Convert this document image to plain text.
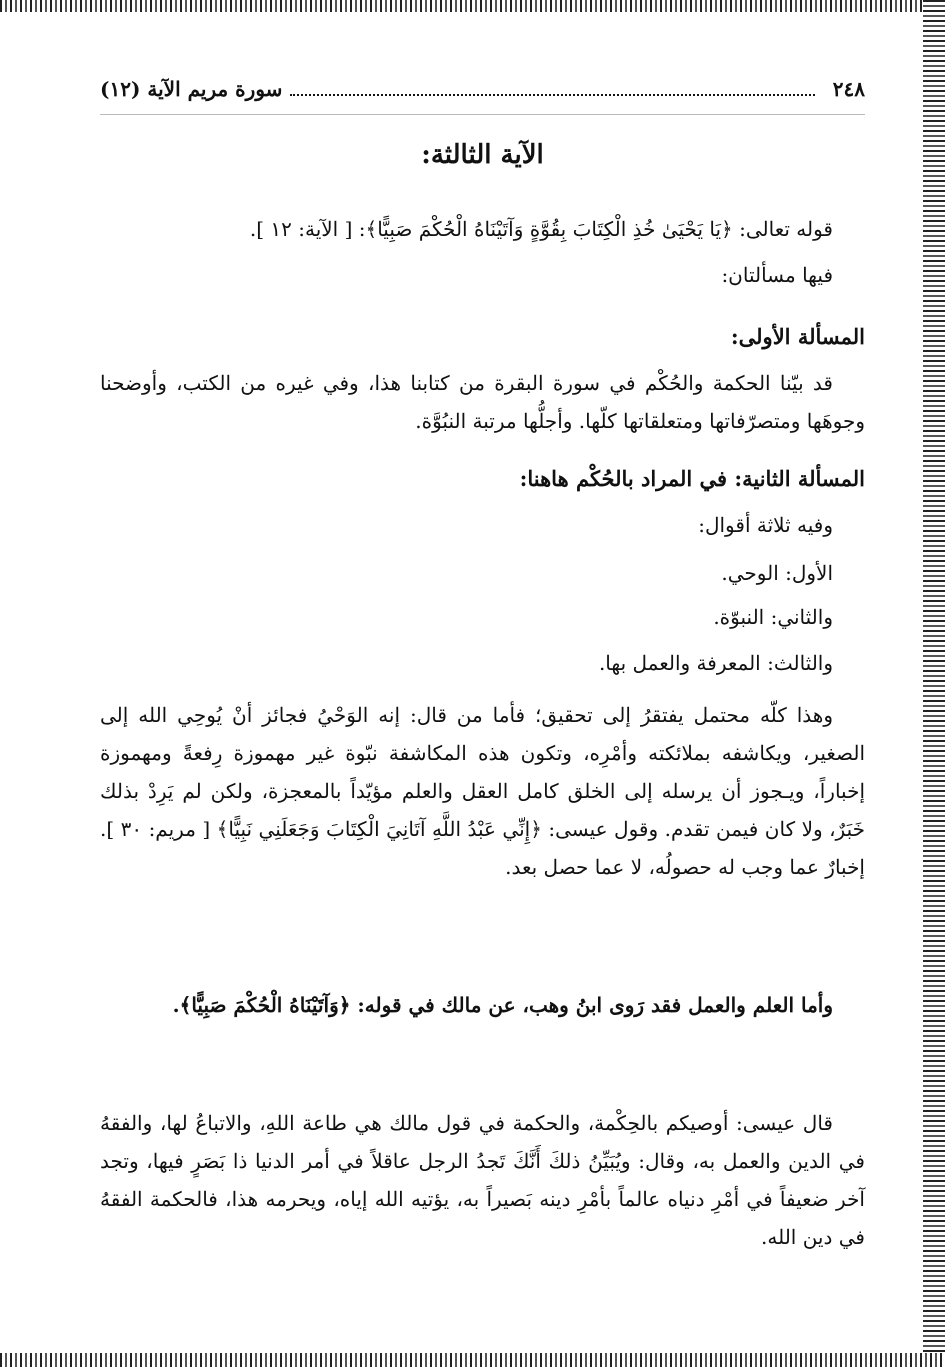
٢٤٨
سورة مريم الآية (١٢)
الآية الثالثة:

قوله تعالى: ﴿يَا يَحْيَىٰ خُذِ الْكِتَابَ بِقُوَّةٍ وَآتَيْنَاهُ الْحُكْمَ صَبِيًّا﴾: [ الآية: ١٢ ].

فيها مسألتان:

المسألة الأولى:

قد بيّنا الحكمة والحُكْم في سورة البقرة من كتابنا هذا، وفي غيره من الكتب، وأوضحنا وجوهَها ومتصرّفاتها ومتعلقاتها كلّها. وأجلُّها مرتبة النبُوَّة.

المسألة الثانية: في المراد بالحُكْم هاهنا:

وفيه ثلاثة أقوال:

الأول: الوحي.

والثاني: النبوّة.

والثالث: المعرفة والعمل بها.

وهذا كلّه محتمل يفتقرُ إلى تحقيق؛ فأما من قال: إنه الوَحْيُ فجائز أنْ يُوحِي الله إلى الصغير، ويكاشفه بملائكته وأمْرِه، وتكون هذه المكاشفة نبّوة غير مهموزة رِفعةً ومهموزة إخباراً، ويـجوز أن يرسله إلى الخلق كامل العقل والعلم مؤيّداً بالمعجزة، ولكن لم يَرِدْ بذلك خَبَرٌ، ولا كان فيمن تقدم. وقول عيسى: ﴿إِنِّي عَبْدُ اللَّهِ آتَانِيَ الْكِتَابَ وَجَعَلَنِي نَبِيًّا﴾ [ مريم: ٣٠ ]. إخبارٌ عما وجب له حصولُه، لا عما حصل بعد.

وأما العلم والعمل فقد رَوى ابنُ وهب، عن مالك في قوله: ﴿وَآتَيْنَاهُ الْحُكْمَ صَبِيًّا﴾.

قال عيسى: أوصيكم بالحِكْمة، والحكمة في قول مالك هي طاعة اللهِ، والاتباعُ لها، والفقهُ في الدين والعمل به، وقال: ويُبَيِّنُ ذلكَ أَنَّكَ تَجدُ الرجل عاقلاً في أمر الدنيا ذا بَصَرٍ فيها، وتجد آخر ضعيفاً في أمْرِ دنياه عالماً بأمْرِ دينه بَصيراً به، يؤتيه الله إياه، ويحرمه هذا، فالحكمة الفقهُ في دين الله.
